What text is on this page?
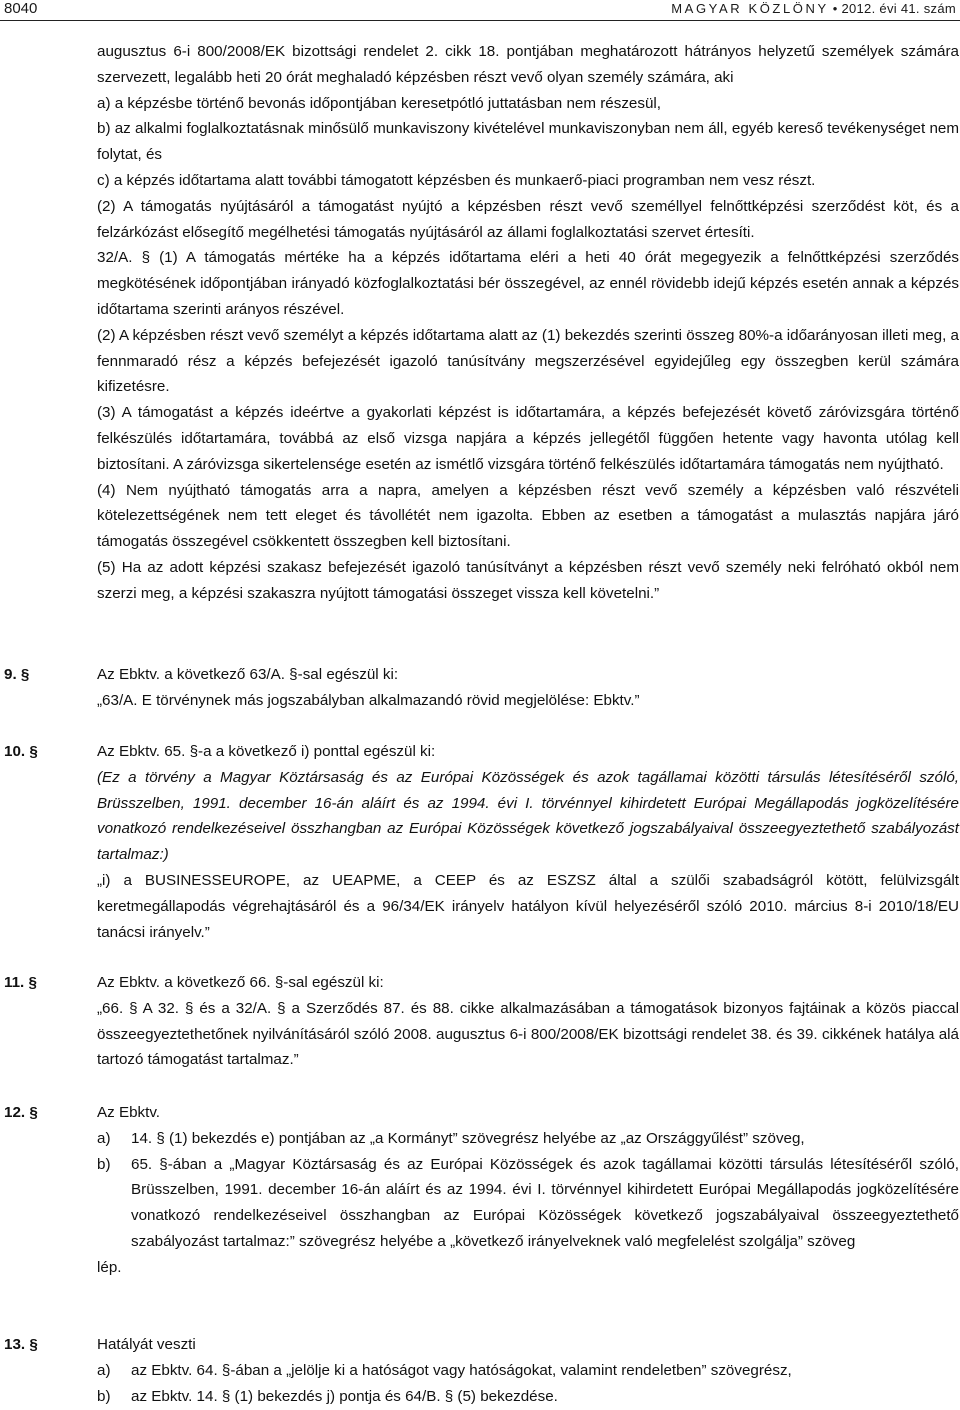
8040	MAGYAR KÖZLÖNY • 2012. évi 41. szám

augusztus 6-i 800/2008/EK bizottsági rendelet 2. cikk 18. pontjában meghatározott hátrányos helyzetű személyek számára szervezett, legalább heti 20 órát meghaladó képzésben részt vevő olyan személy számára, aki

a) a képzésbe történő bevonás időpontjában keresetpótló juttatásban nem részesül,

b) az alkalmi foglalkoztatásnak minősülő munkaviszony kivételével munkaviszonyban nem áll, egyéb kereső tevékenységet nem folytat, és

c) a képzés időtartama alatt további támogatott képzésben és munkaerő-piaci programban nem vesz részt.

(2) A támogatás nyújtásáról a támogatást nyújtó a képzésben részt vevő személlyel felnőttképzési szerződést köt, és a felzárkózást elősegítő megélhetési támogatás nyújtásáról az állami foglalkoztatási szervet értesíti.

32/A. § (1) A támogatás mértéke ha a képzés időtartama eléri a heti 40 órát megegyezik a felnőttképzési szerződés megkötésének időpontjában irányadó közfoglalkoztatási bér összegével, az ennél rövidebb idejű képzés esetén annak a képzés időtartama szerinti arányos részével.

(2) A képzésben részt vevő személyt a képzés időtartama alatt az (1) bekezdés szerinti összeg 80%-a időarányosan illeti meg, a fennmaradó rész a képzés befejezését igazoló tanúsítvány megszerzésével egyidejűleg egy összegben kerül számára kifizetésre.

(3) A támogatást a képzés ideértve a gyakorlati képzést is időtartamára, a képzés befejezését követő záróvizsgára történő felkészülés időtartamára, továbbá az első vizsga napjára a képzés jellegétől függően hetente vagy havonta utólag kell biztosítani. A záróvizsga sikertelensége esetén az ismétlő vizsgára történő felkészülés időtartamára támogatás nem nyújtható.

(4) Nem nyújtható támogatás arra a napra, amelyen a képzésben részt vevő személy a képzésben való részvételi kötelezettségének nem tett eleget és távollétét nem igazolta. Ebben az esetben a támogatást a mulasztás napjára járó támogatás összegével csökkentett összegben kell biztosítani.

(5) Ha az adott képzési szakasz befejezését igazoló tanúsítványt a képzésben részt vevő személy neki felróható okból nem szerzi meg, a képzési szakaszra nyújtott támogatási összeget vissza kell követelni.”

9. §	Az Ebktv. a következő 63/A. §-sal egészül ki:

„63/A. E törvénynek más jogszabályban alkalmazandó rövid megjelölése: Ebktv.”

10. §	Az Ebktv. 65. §-a a következő i) ponttal egészül ki:

(Ez a törvény a Magyar Köztársaság és az Európai Közösségek és azok tagállamai közötti társulás létesítéséről szóló, Brüsszelben, 1991. december 16-án aláírt és az 1994. évi I. törvénnyel kihirdetett Európai Megállapodás jogközelítésére vonatkozó rendelkezéseivel összhangban az Európai Közösségek következő jogszabályaival összeegyeztethető szabályozást tartalmaz:)

„i) a BUSINESSEUROPE, az UEAPME, a CEEP és az ESZSZ által a szülői szabadságról kötött, felülvizsgált keretmegállapodás végrehajtásáról és a 96/34/EK irányelv hatályon kívül helyezéséről szóló 2010. március 8-i 2010/18/EU tanácsi irányelv.”

11. §	Az Ebktv. a következő 66. §-sal egészül ki:

„66. § A 32. § és a 32/A. § a Szerződés 87. és 88. cikke alkalmazásában a támogatások bizonyos fajtáinak a közös piaccal összeegyeztethetőnek nyilvánításáról szóló 2008. augusztus 6-i 800/2008/EK bizottsági rendelet 38. és 39. cikkének hatálya alá tartozó támogatást tartalmaz.”

12. §	Az Ebktv.

a) 14. § (1) bekezdés e) pontjában az „a Kormányt” szövegrész helyébe az „az Országgyűlést” szöveg,

b) 65. §-ában a „Magyar Köztársaság és az Európai Közösségek és azok tagállamai közötti társulás létesítéséről szóló, Brüsszelben, 1991. december 16-án aláírt és az 1994. évi I. törvénnyel kihirdetett Európai Megállapodás jogközelítésére vonatkozó rendelkezéseivel összhangban az Európai Közösségek következő jogszabályaival összeegyeztethető szabályozást tartalmaz:” szövegrész helyébe a „következő irányelveknek való megfelelést szolgálja” szöveg

lép.

13. §	Hatályát veszti

a) az Ebktv. 64. §-ában a „jelölje ki a hatóságot vagy hatóságokat, valamint rendeletben” szövegrész,

b) az Ebktv. 14. § (1) bekezdés j) pontja és 64/B. § (5) bekezdése.
